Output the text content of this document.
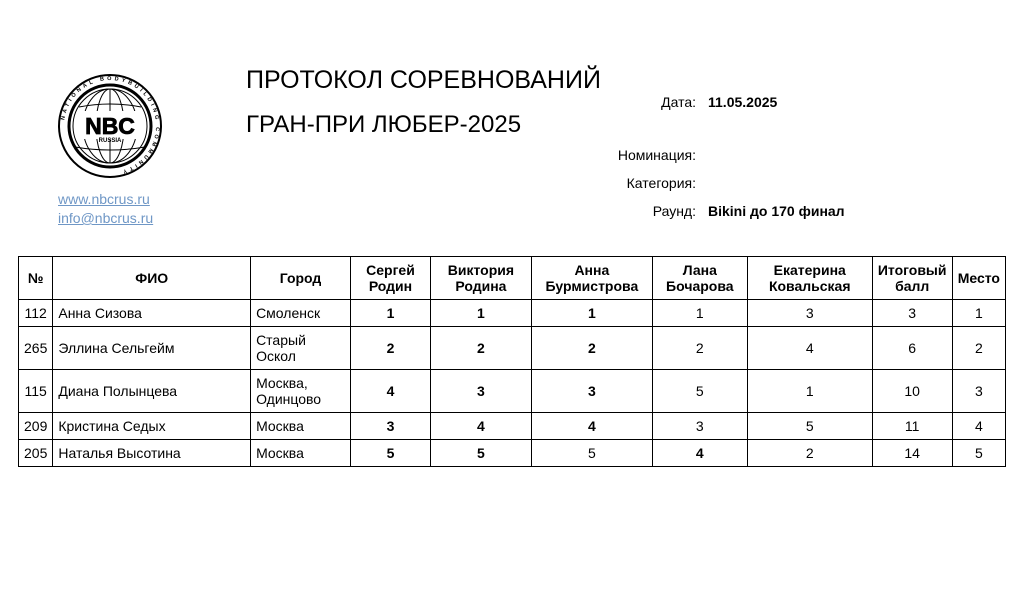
NBC
RUSSIA
NATIONAL BODYBUILDING COMMUNITY
www.nbcrus.ru
info@nbcrus.ru
ПРОТОКОЛ СОРЕВНОВАНИЙ
ГРАН-ПРИ ЛЮБЕР-2025
Дата: 11.05.2025
Номинация:
Категория:
Раунд: Bikini до 170 финал
№	ФИО	Город	Сергей Родин	Виктория Родина	Анна Бурмистрова	Лана Бочарова	Екатерина Ковальская	Итоговый балл	Место
112	Анна Сизова	Смоленск	1	1	1	1	3	3	1
265	Эллина Сельгейм	Старый Оскол	2	2	2	2	4	6	2
115	Диана Полынцева	Москва, Одинцово	4	3	3	5	1	10	3
209	Кристина Седых	Москва	3	4	4	3	5	11	4
205	Наталья Высотина	Москва	5	5	5	4	2	14	5
